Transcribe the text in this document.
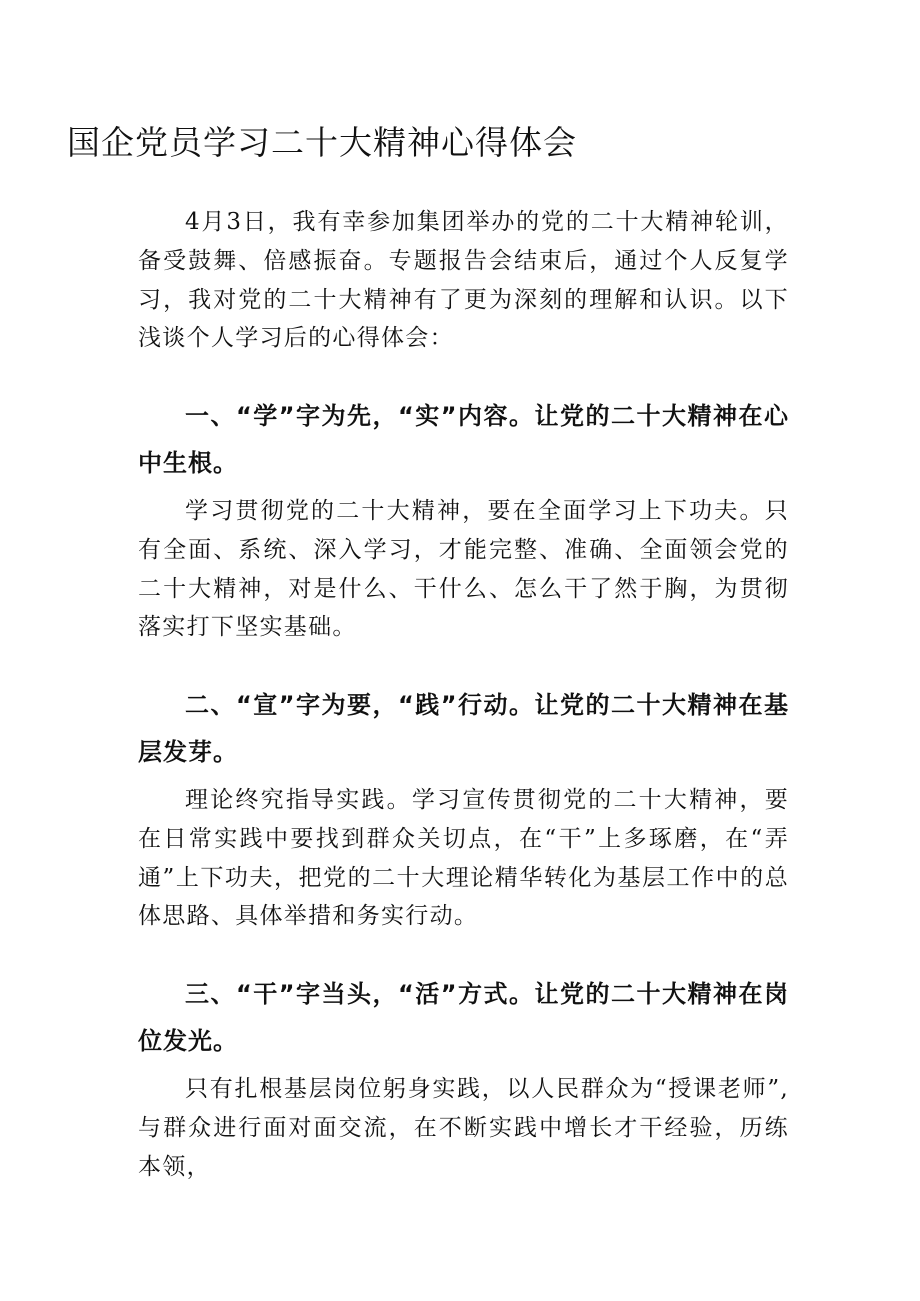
国企党员学习二十大精神心得体会

4月3日，我有幸参加集团举办的党的二十大精神轮训，备受鼓舞、倍感振奋。专题报告会结束后，通过个人反复学习，我对党的二十大精神有了更为深刻的理解和认识。以下浅谈个人学习后的心得体会：

一、“学”字为先，“实”内容。让党的二十大精神在心中生根。

学习贯彻党的二十大精神，要在全面学习上下功夫。只有全面、系统、深入学习，才能完整、准确、全面领会党的二十大精神，对是什么、干什么、怎么干了然于胸，为贯彻落实打下坚实基础。

二、“宣”字为要，“践”行动。让党的二十大精神在基层发芽。

理论终究指导实践。学习宣传贯彻党的二十大精神，要在日常实践中要找到群众关切点，在“干”上多琢磨，在“弄通”上下功夫，把党的二十大理论精华转化为基层工作中的总体思路、具体举措和务实行动。

三、“干”字当头，“活”方式。让党的二十大精神在岗位发光。

只有扎根基层岗位躬身实践，以人民群众为“授课老师”,与群众进行面对面交流，在不断实践中增长才干经验，历练本领，
